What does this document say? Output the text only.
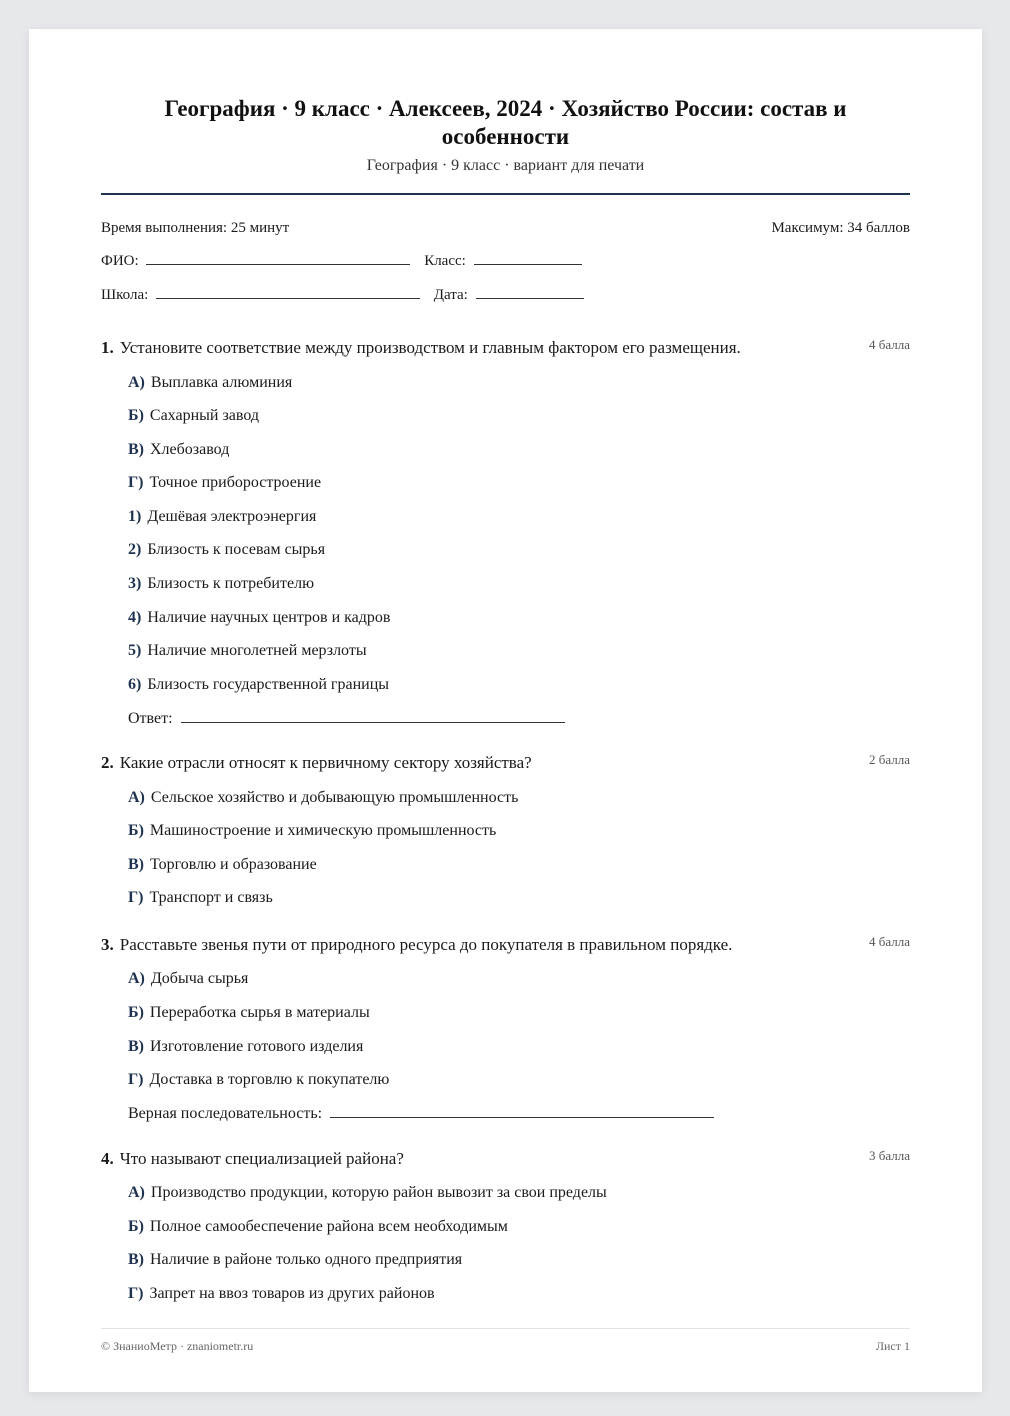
География · 9 класс · Алексеев, 2024 · Хозяйство России: состав и особенности
География · 9 класс · вариант для печати
Время выполнения: 25 минут	Максимум: 34 баллов
ФИО:	Класс:
Школа:	Дата:
1. Установите соответствие между производством и главным фактором его размещения.	4 балла
А) Выплавка алюминия
Б) Сахарный завод
В) Хлебозавод
Г) Точное приборостроение
1) Дешёвая электроэнергия
2) Близость к посевам сырья
3) Близость к потребителю
4) Наличие научных центров и кадров
5) Наличие многолетней мерзлоты
6) Близость государственной границы
Ответ:
2. Какие отрасли относят к первичному сектору хозяйства?	2 балла
А) Сельское хозяйство и добывающую промышленность
Б) Машиностроение и химическую промышленность
В) Торговлю и образование
Г) Транспорт и связь
3. Расставьте звенья пути от природного ресурса до покупателя в правильном порядке.	4 балла
А) Добыча сырья
Б) Переработка сырья в материалы
В) Изготовление готового изделия
Г) Доставка в торговлю к покупателю
Верная последовательность:
4. Что называют специализацией района?	3 балла
А) Производство продукции, которую район вывозит за свои пределы
Б) Полное самообеспечение района всем необходимым
В) Наличие в районе только одного предприятия
Г) Запрет на ввоз товаров из других районов
© ЗнаниоМетр · znaniometr.ru	Лист 1
